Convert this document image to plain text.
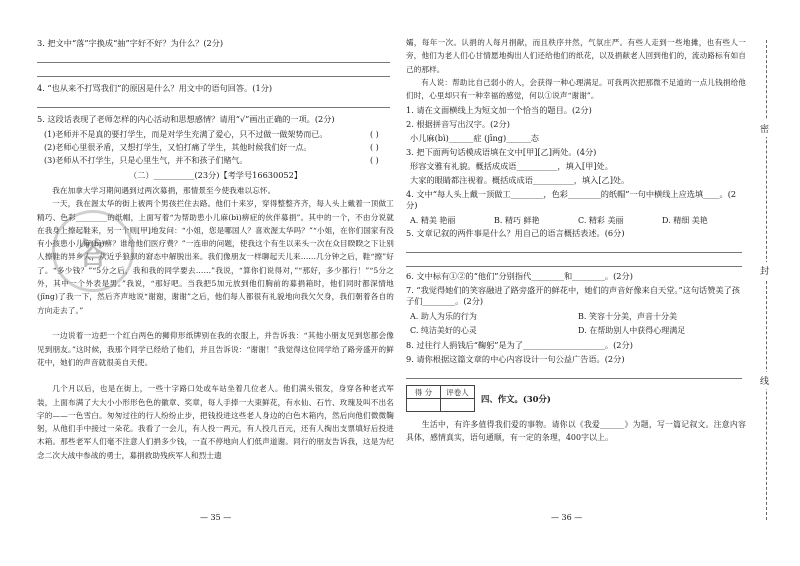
3. 把文中“落”字换成“抽”字好不好？为什么？(2分)
4. “也从来不打骂我们”的原因是什么？用文中的语句回答。(1分)
5. 这段话表现了老师怎样的内心活动和思想感情？请用“√”画出正确的一项。(2分)
(1)老师并不是真的要打学生，而是对学生充满了爱心，只不过做一做架势而已。	( )
(2)老师心里很矛盾，又想打学生，又怕打痛了学生，其他时候我们好一点。	( )
(3)老师从不打学生，只是心里生气，并不和孩子们赌气。	( )
（二）__________(23分)【考学号16630052】

我在加拿大学习期间遇到过两次募捐，那情景至今使我难以忘怀。

一天，我在渥太华的街上被两个男孩拦住去路。他们十来岁，穿得整整齐齐，每人头上戴着一顶做工精巧、色彩________的纸帽，上面写着“为帮助患小儿麻(bì)痹症的伙伴募捐”。其中的一个，不由分说就在我身上擦起鞋来，另一个则[甲]地发问：“小姐，您是哪国人？喜欢渥太华吗？”“小姐，在你们国家有没有小孩患小儿麻(bì)痹？谁给他们医疗费？”一连串的问题，使我这个有生以来头一次在众目睽睽之下让别人擦鞋的异乡人，从近乎狼狈的窘态中解脱出来。我们像朋友一样聊起天儿来……几分钟之后，鞋“擦”好了。“多少钱？”“5分之后，我和我的同学要去……”我说，“算你们说得对，”“那好，多少都行！”“5分之外，其中一个外表是男。”我说，“那好吧。当我把5加元放到他们胸前的募捐箱时，他们同时都深情地(jīng)了我一下，然后齐声地说“谢谢，谢谢”之后，他们每人都很有礼貌地向我欠欠身，我们朝着各自的方向走去了。”

一边说着一边把一个红白两色的狮仰形纸牌别在我的衣服上，并告诉我：“其他小朋友见到您都会像见到朋友。”这时候，我那个同学已经给了他们，并且告诉说：“谢谢！”我觉得这位同学给了路旁盛开的鲜花中，她们的声音就很美自天使。

几个月以后，也是在街上，一些十字路口处或车站坐着几位老人。他们满头银发，身穿各种老式军装，上面布满了大大小小形形色色的徽章、奖章，每人手捧一大束鲜花，有水仙、石竹、玫瑰及叫不出名字的——一色雪白。匆匆过往的行人纷纷止步，把钱投进这些老人身边的白色木箱内，然后向他们微微鞠躬，从他们手中接过一朵花。我看了一会儿，有人投一两元，有人投几百元，还有人掏出支票填好后投进木箱。那些老军人们毫不注意人们捐多少钱，一直不停地向人们低声道谢。同行的朋友告诉我，这是为纪念二次大战中参战的勇士，募捐救助残疾军人和烈士遗

答
— 35 —

孀，每年一次。认捐的人每月捐献，而且秩序井然，气氛庄严。有些人走到一些地摊，也有些人一旁，他们为老人们心甘情愿地掏出人们还给他们的纸花，以及捐献老人回到他们的，流动路标有如自己的那样。

有人说：帮助比自己弱小的人，会获得一种心理满足。可我两次把那微不足道的一点儿钱捐给他们时，心里却只有一种幸福的感觉，何以①说声“谢谢”。

1. 请在文面横线上为短文加一个恰当的题目。(2分)
2. 根据拼音写出汉字。(2分)
小儿麻(bì)______症 (jīng)______态
3. 把下面两句话模成语填在文中[甲][乙]两处。(4分)
形容文雅有礼貌。概括成成语__________，填入[甲]处。
大家的眼睛都注视着。概括成成语__________，填入[乙]处。
4. 文中“每人头上戴一顶做工________，色彩________的纸帽”一句中横线上应选填____。(2分)
A. 精美 艳丽	B. 精巧 鲜艳	C. 精彩 美丽	D. 精细 美艳
5. 文章记叙的两件事是什么？用自己的语言概括表述。(6分)
6. 文中标有①②的“他们”分别指代________和________。(2分)
7. “我觉得她们的笑容融进了路旁盛开的鲜花中，她们的声音好像来自天堂。”这句话赞美了孩子们________。(2分)
A. 助人为乐的行为	B. 笑容十分美，声音十分美
C. 纯洁美好的心灵	D. 在帮助别人中获得心理满足
8. 过往行人捐钱后“鞠躬”是为了____________________。(2分)
9. 请你根据这篇文章的中心内容设计一句公益广告语。(2分)
得 分	评卷人

四、作文。(30分)

生活中，有许多值得我们爱的事物。请你以《我爱______》为题，写一篇记叙文。注意内容具体，感情真实，语句通顺，有一定的条理，400字以上。

— 36 —
密
封
线
